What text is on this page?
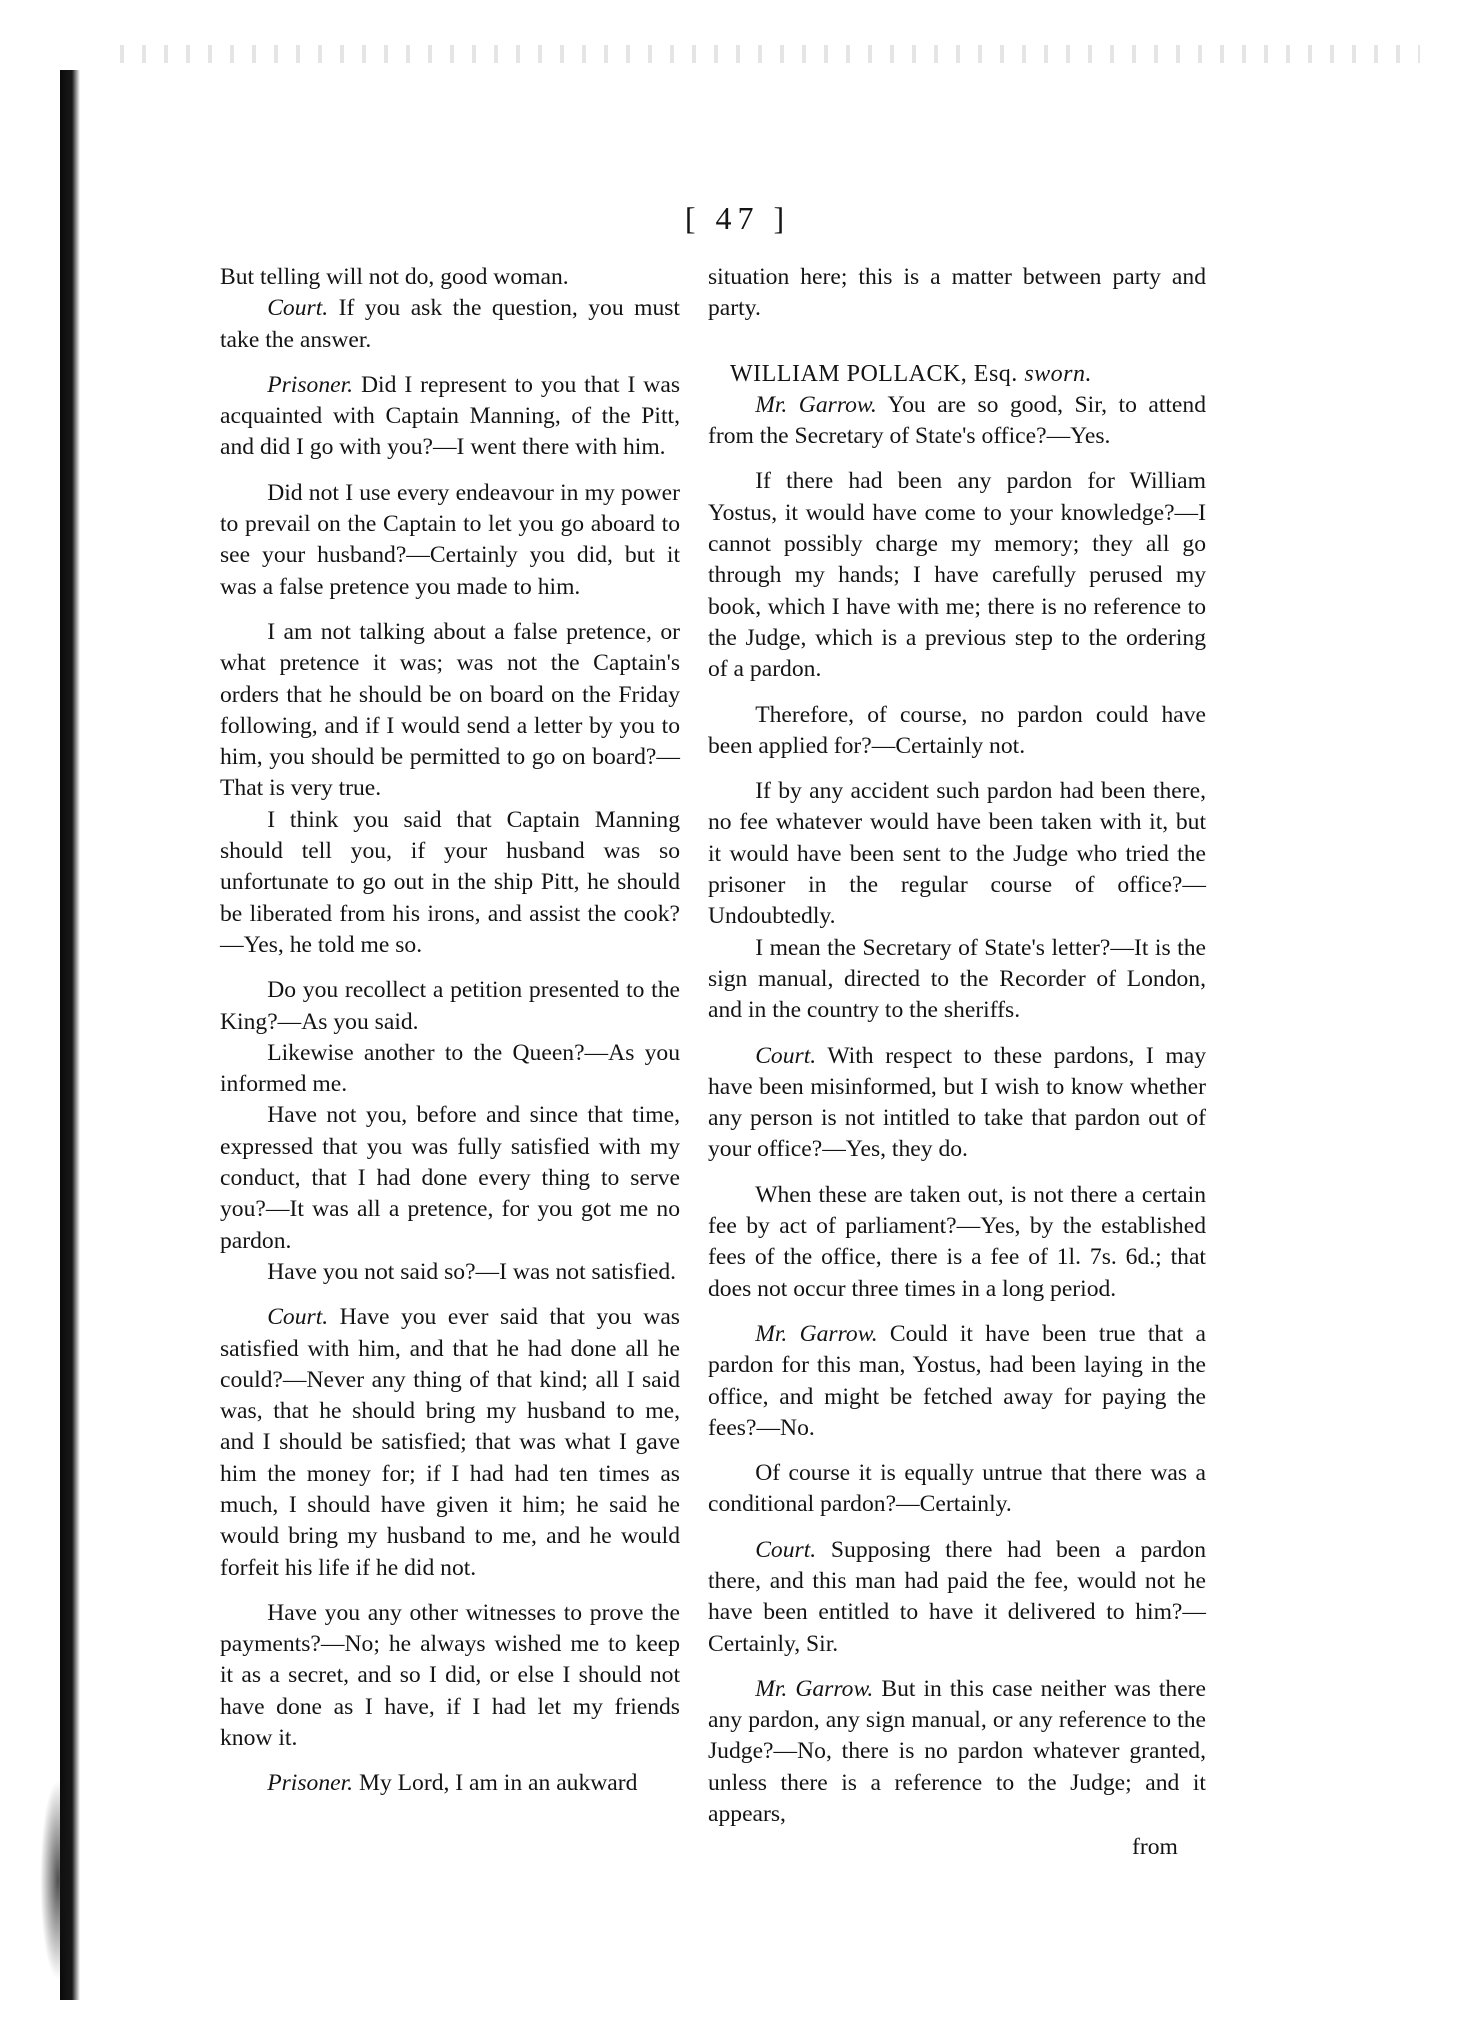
[ 47 ]

But telling will not do, good woman.

Court. If you ask the question, you must take the answer.

Prisoner. Did I represent to you that I was acquainted with Captain Manning, of the Pitt, and did I go with you?—I went there with him.

Did not I use every endeavour in my power to prevail on the Captain to let you go aboard to see your husband?—Certainly you did, but it was a false pretence you made to him.

I am not talking about a false pretence, or what pretence it was; was not the Captain's orders that he should be on board on the Friday following, and if I would send a letter by you to him, you should be permitted to go on board?—That is very true.

I think you said that Captain Manning should tell you, if your husband was so unfortunate to go out in the ship Pitt, he should be liberated from his irons, and assist the cook?—Yes, he told me so.

Do you recollect a petition presented to the King?—As you said.

Likewise another to the Queen?—As you informed me.

Have not you, before and since that time, expressed that you was fully satisfied with my conduct, that I had done every thing to serve you?—It was all a pretence, for you got me no pardon.

Have you not said so?—I was not satisfied.

Court. Have you ever said that you was satisfied with him, and that he had done all he could?—Never any thing of that kind; all I said was, that he should bring my husband to me, and I should be satisfied; that was what I gave him the money for; if I had had ten times as much, I should have given it him; he said he would bring my husband to me, and he would forfeit his life if he did not.

Have you any other witnesses to prove the payments?—No; he always wished me to keep it as a secret, and so I did, or else I should not have done as I have, if I had let my friends know it.

Prisoner. My Lord, I am in an aukward

situation here; this is a matter between party and party.

WILLIAM POLLACK, Esq. sworn.

Mr. Garrow. You are so good, Sir, to attend from the Secretary of State's office?—Yes.

If there had been any pardon for William Yostus, it would have come to your knowledge?—I cannot possibly charge my memory; they all go through my hands; I have carefully perused my book, which I have with me; there is no reference to the Judge, which is a previous step to the ordering of a pardon.

Therefore, of course, no pardon could have been applied for?—Certainly not.

If by any accident such pardon had been there, no fee whatever would have been taken with it, but it would have been sent to the Judge who tried the prisoner in the regular course of office?—Undoubtedly.

I mean the Secretary of State's letter?—It is the sign manual, directed to the Recorder of London, and in the country to the sheriffs.

Court. With respect to these pardons, I may have been misinformed, but I wish to know whether any person is not intitled to take that pardon out of your office?—Yes, they do.

When these are taken out, is not there a certain fee by act of parliament?—Yes, by the established fees of the office, there is a fee of 1l. 7s. 6d.; that does not occur three times in a long period.

Mr. Garrow. Could it have been true that a pardon for this man, Yostus, had been laying in the office, and might be fetched away for paying the fees?—No.

Of course it is equally untrue that there was a conditional pardon?—Certainly.

Court. Supposing there had been a pardon there, and this man had paid the fee, would not he have been entitled to have it delivered to him?—Certainly, Sir.

Mr. Garrow. But in this case neither was there any pardon, any sign manual, or any reference to the Judge?—No, there is no pardon whatever granted, unless there is a reference to the Judge; and it appears,

from
